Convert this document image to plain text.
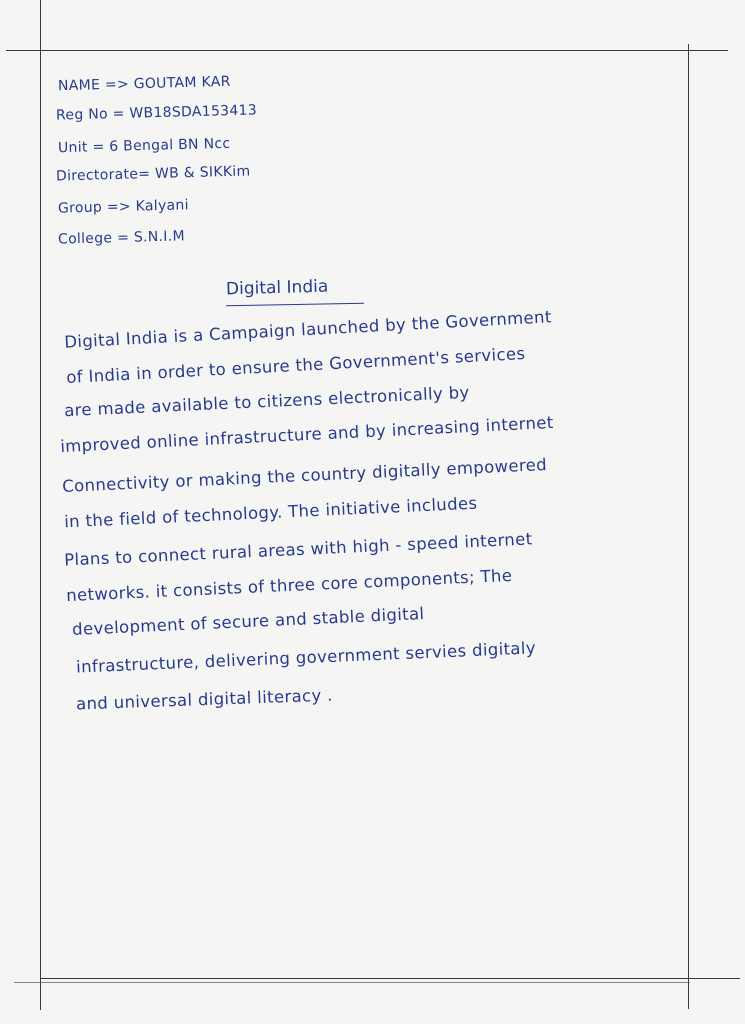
NAME => GOUTAM KAR

Reg No = WB18SDA153413

Unit = 6 Bengal BN Ncc

Directorate= WB & SIKKim

Group => Kalyani

College = S.N.I.M

Digital India

Digital India is a Campaign launched by the Government

of India in order to ensure the Government's services

are made available to citizens electronically by

improved online infrastructure and by increasing internet

Connectivity or making the country digitally empowered

in the field of technology. The initiative includes

Plans to connect rural areas with high - speed internet

networks. it consists of three core components; The

development of secure and stable digital

infrastructure, delivering government servies digitaly

and universal digital literacy .
